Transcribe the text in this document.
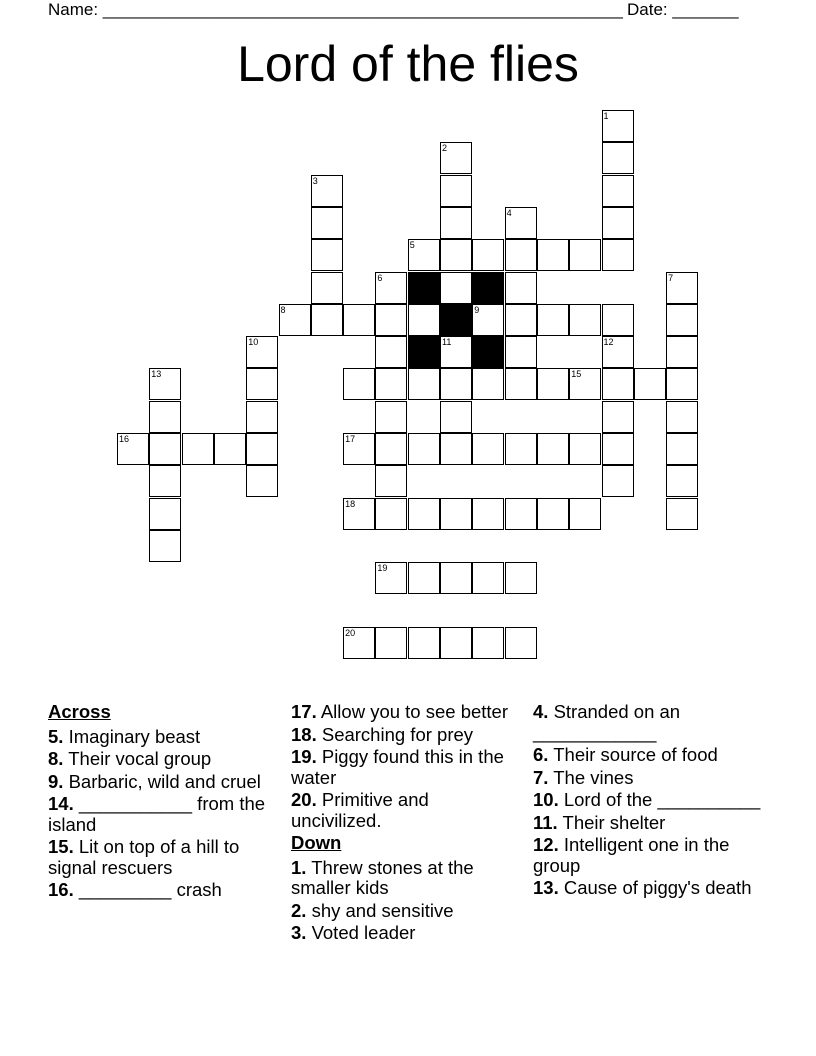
Name: _______________________________________________________ Date: _______
Lord of the flies
1
2
11
3
4
6	7
10	12
13
5
8	9
15
16	17
18
19
20
Across
5. Imaginary beast
8. Their vocal group
9. Barbaric, wild and cruel
14. ___________ from the island
15. Lit on top of a hill to signal rescuers
16. _________ crash
17. Allow you to see better
18. Searching for prey
19. Piggy found this in the water
20. Primitive and uncivilized.
Down
1. Threw stones at the smaller kids
2. shy and sensitive
3. Voted leader
4. Stranded on an ____________
6. Their source of food
7. The vines
10. Lord of the __________
11. Their shelter
12. Intelligent one in the group
13. Cause of piggy's death
